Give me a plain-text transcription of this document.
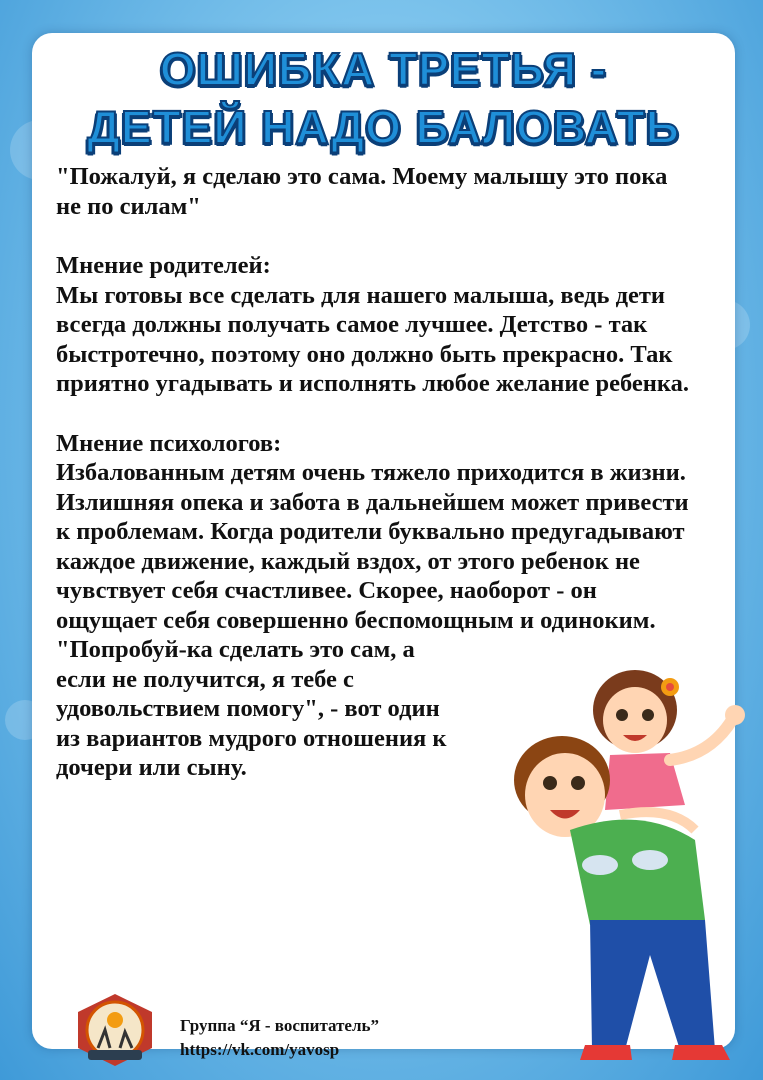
ОШИБКА ТРЕТЬЯ -
ДЕТЕЙ НАДО БАЛОВАТЬ

"Пожалуй, я сделаю это сама. Моему малышу это пока не по силам"

Мнение родителей:

Мы готовы все сделать для нашего малыша, ведь дети всегда должны получать самое лучшее. Детство - так быстротечно, поэтому оно должно быть прекрасно. Так приятно угадывать и исполнять любое желание ребенка.

Мнение психологов:

Избалованным детям очень тяжело приходится в жизни. Излишняя опека и забота в дальнейшем может привести к проблемам. Когда родители буквально предугадывают каждое движение, каждый вздох, от этого ребенок не чувствует себя счастливее. Скорее, наоборот - он ощущает себя совершенно беспомощным и одиноким.

"Попробуй-ка сделать это сам, а если не получится, я тебе с удовольствием помогу", - вот один из вариантов мудрого отношения к дочери или сыну.

Группа “Я - воспитатель”
https://vk.com/yavosp
